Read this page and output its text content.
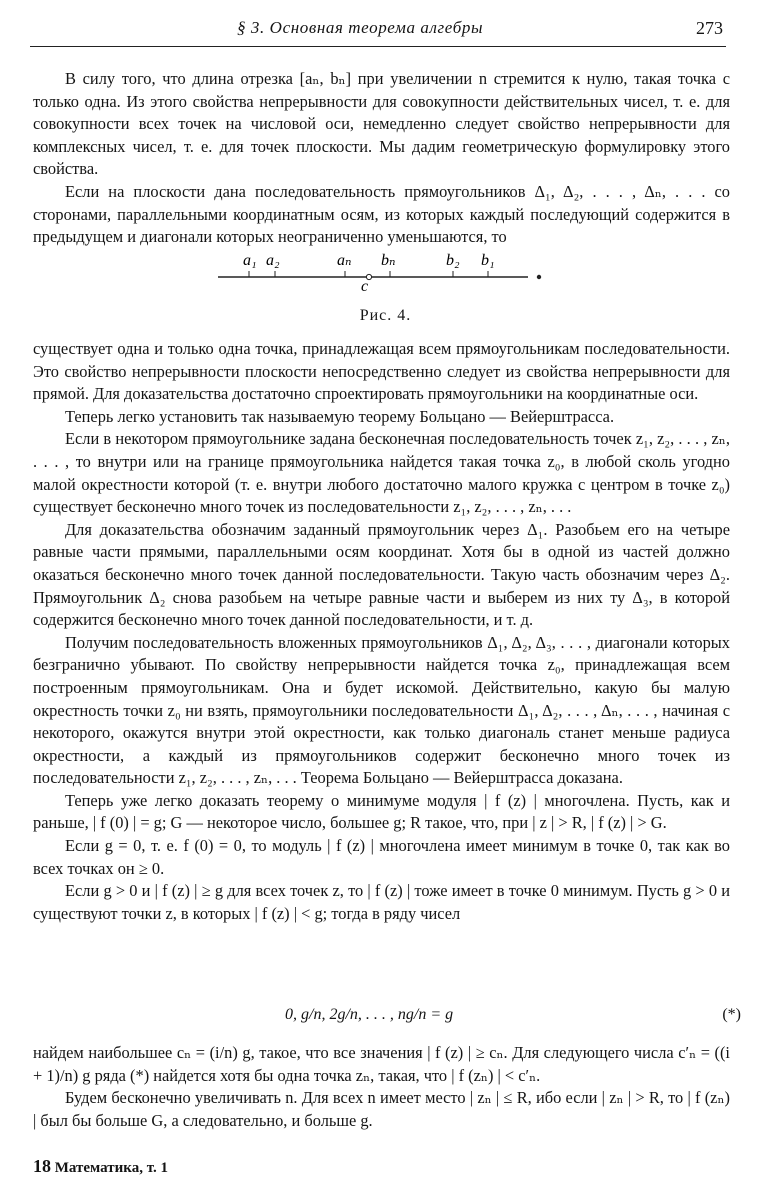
§ 3. Основная теорема алгебры	273

В силу того, что длина отрезка [aₙ, bₙ] при увеличении n стремится к нулю, такая точка c только одна. Из этого свойства непрерывности для совокупности действительных чисел, т. е. для совокупности всех точек на числовой оси, немедленно следует свойство непрерывности для комплексных чисел, т. е. для точек плоскости. Мы дадим геометрическую формулировку этого свойства.

Если на плоскости дана последовательность прямоугольников Δ₁, Δ₂, . . . , Δₙ, . . . со сторонами, параллельными координатным осям, из которых каждый последующий содержится в предыдущем и диагонали которых неограниченно уменьшаются, то

a₁ a₂	aₙ bₙ	b₂ b₁
c
Рис. 4.

существует одна и только одна точка, принадлежащая всем прямоугольникам последовательности. Это свойство непрерывности плоскости непосредственно следует из свойства непрерывности для прямой. Для доказательства достаточно спроектировать прямоугольники на координатные оси.

Теперь легко установить так называемую теорему Больцано — Вейерштрасса.

Если в некотором прямоугольнике задана бесконечная последовательность точек z₁, z₂, . . . , zₙ, . . . , то внутри или на границе прямоугольника найдется такая точка z₀, в любой сколь угодно малой окрестности которой (т. е. внутри любого достаточно малого кружка с центром в точке z₀) существует бесконечно много точек из последовательности z₁, z₂, . . . , zₙ, . . .

Для доказательства обозначим заданный прямоугольник через Δ₁. Разобьем его на четыре равные части прямыми, параллельными осям координат. Хотя бы в одной из частей должно оказаться бесконечно много точек данной последовательности. Такую часть обозначим через Δ₂. Прямоугольник Δ₂ снова разобьем на четыре равные части и выберем из них ту Δ₃, в которой содержится бесконечно много точек данной последовательности, и т. д.

Получим последовательность вложенных прямоугольников Δ₁, Δ₂, Δ₃, . . . , диагонали которых безгранично убывают. По свойству непрерывности найдется точка z₀, принадлежащая всем построенным прямоугольникам. Она и будет искомой. Действительно, какую бы малую окрестность точки z₀ ни взять, прямоугольники последовательности Δ₁, Δ₂, . . . , Δₙ, . . . , начиная с некоторого, окажутся внутри этой окрестности, как только диагональ станет меньше радиуса окрестности, а каждый из прямоугольников содержит бесконечно много точек из последовательности z₁, z₂, . . . , zₙ, . . . Теорема Больцано — Вейерштрасса доказана.

Теперь уже легко доказать теорему о минимуме модуля | f (z) | многочлена. Пусть, как и раньше, | f (0) | = g; G — некоторое число, большее g; R такое, что, при | z | > R, | f (z) | > G.

Если g = 0, т. е. f (0) = 0, то модуль | f (z) | многочлена имеет минимум в точке 0, так как во всех точках он ≥ 0.

Если g > 0 и | f (z) | ≥ g для всех точек z, то | f (z) | тоже имеет в точке 0 минимум. Пусть g > 0 и существуют точки z, в которых | f (z) | < g; тогда в ряду чисел

0, g/n, 2g/n, . . . , ng/n = g	(*)

найдем наибольшее cₙ = (i/n) g, такое, что все значения | f (z) | ≥ cₙ. Для следующего числа c′ₙ = ((i + 1)/n) g ряда (*) найдется хотя бы одна точка zₙ, такая, что | f (zₙ) | < c′ₙ.

Будем бесконечно увеличивать n. Для всех n имеет место | zₙ | ≤ R, ибо если | zₙ | > R, то | f (zₙ) | был бы больше G, а следовательно, и больше g.

18 Математика, т. 1
